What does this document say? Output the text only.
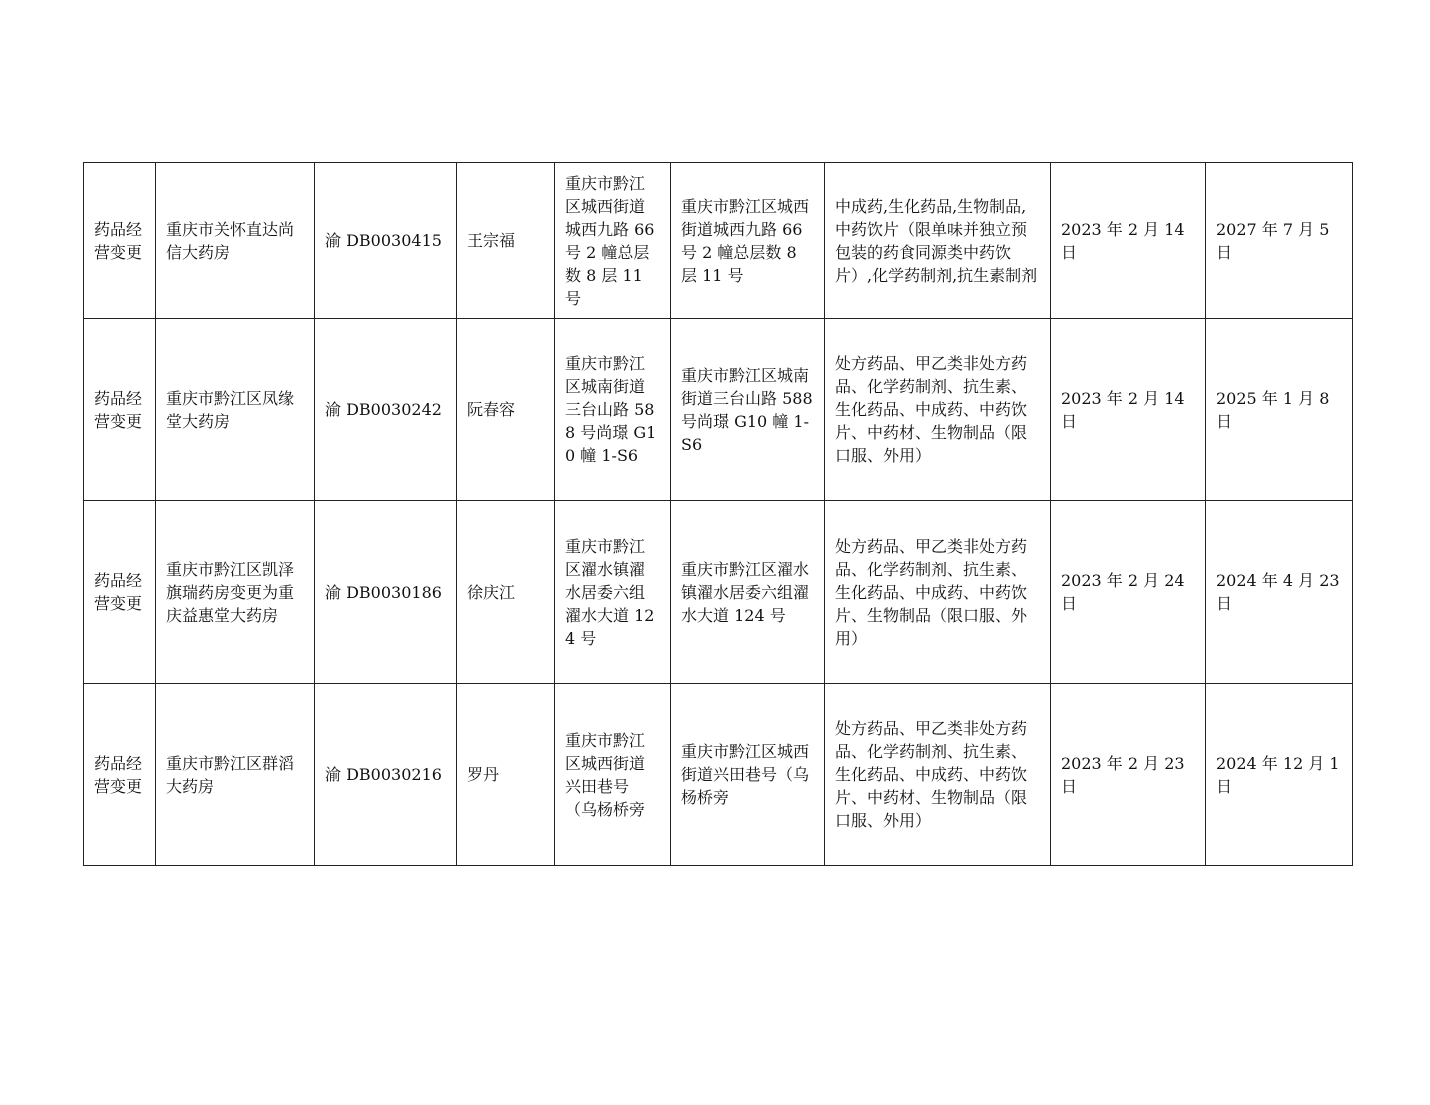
药品经营变更	重庆市关怀直达尚信大药房	渝 DB0030415	王宗福	重庆市黔江区城西街道城西九路 66 号 2 幢总层数 8 层 11 号	重庆市黔江区城西街道城西九路 66 号 2 幢总层数 8 层 11 号	中成药,生化药品,生物制品,中药饮片（限单味并独立预包装的药食同源类中药饮片）,化学药制剂,抗生素制剂	2023 年 2 月 14 日	2027 年 7 月 5 日
药品经营变更	重庆市黔江区凤缘堂大药房	渝 DB0030242	阮春容	重庆市黔江区城南街道三台山路 588 号尚璟 G10 幢 1-S6	重庆市黔江区城南街道三台山路 588 号尚璟 G10 幢 1-S6	处方药品、甲乙类非处方药品、化学药制剂、抗生素、生化药品、中成药、中药饮片、中药材、生物制品（限口服、外用）	2023 年 2 月 14 日	2025 年 1 月 8 日
药品经营变更	重庆市黔江区凯泽旗瑞药房变更为重庆益惠堂大药房	渝 DB0030186	徐庆江	重庆市黔江区濯水镇濯水居委六组濯水大道 124 号	重庆市黔江区濯水镇濯水居委六组濯水大道 124 号	处方药品、甲乙类非处方药品、化学药制剂、抗生素、生化药品、中成药、中药饮片、生物制品（限口服、外用）	2023 年 2 月 24 日	2024 年 4 月 23 日
药品经营变更	重庆市黔江区群滔大药房	渝 DB0030216	罗丹	重庆市黔江区城西街道兴田巷号（乌杨桥旁	重庆市黔江区城西街道兴田巷号（乌杨桥旁	处方药品、甲乙类非处方药品、化学药制剂、抗生素、生化药品、中成药、中药饮片、中药材、生物制品（限口服、外用）	2023 年 2 月 23 日	2024 年 12 月 1 日
